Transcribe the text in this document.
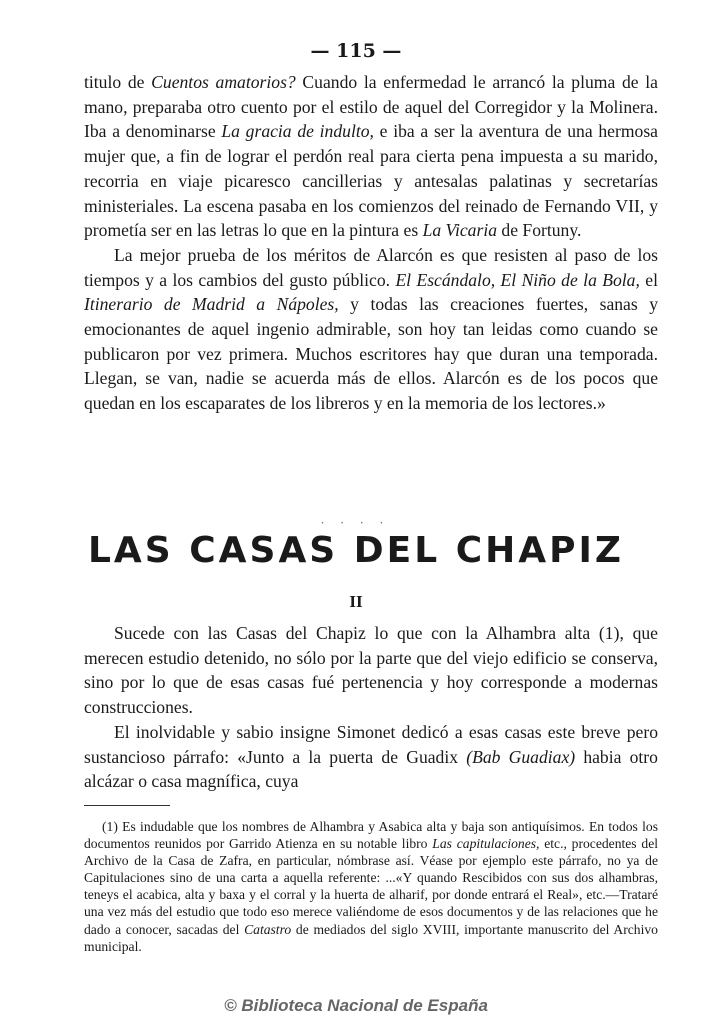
— 115 —

titulo de Cuentos amatorios? Cuando la enfermedad le arrancó la pluma de la mano, preparaba otro cuento por el estilo de aquel del Corregidor y la Molinera. Iba a denominarse La gracia de indulto, e iba a ser la aventura de una hermosa mujer que, a fin de lograr el perdón real para cierta pena impuesta a su marido, recorria en viaje picaresco cancillerias y antesalas palatinas y secretarías ministeriales. La escena pasaba en los comienzos del reinado de Fernando VII, y prometía ser en las letras lo que en la pintura es La Vicaria de Fortuny.

La mejor prueba de los méritos de Alarcón es que resisten al paso de los tiempos y a los cambios del gusto público. El Escándalo, El Niño de la Bola, el Itinerario de Madrid a Nápoles, y todas las creaciones fuertes, sanas y emocionantes de aquel ingenio admirable, son hoy tan leidas como cuando se publicaron por vez primera. Muchos escritores hay que duran una temporada. Llegan, se van, nadie se acuerda más de ellos. Alarcón es de los pocos que quedan en los escaparates de los libreros y en la memoria de los lectores.»

· · · ·
LAS CASAS DEL CHAPIZ
II

Sucede con las Casas del Chapiz lo que con la Alhambra alta (1), que merecen estudio detenido, no sólo por la parte que del viejo edificio se conserva, sino por lo que de esas casas fué pertenencia y hoy corresponde a modernas construcciones.

El inolvidable y sabio insigne Simonet dedicó a esas casas este breve pero sustancioso párrafo: «Junto a la puerta de Guadix (Bab Guadiax) habia otro alcázar o casa magnífica, cuya

(1) Es indudable que los nombres de Alhambra y Asabica alta y baja son antiquísimos. En todos los documentos reunidos por Garrido Atienza en su notable libro Las capitulaciones, etc., procedentes del Archivo de la Casa de Zafra, en particular, nómbrase así. Véase por ejemplo este párrafo, no ya de Capitulaciones sino de una carta a aquella referente: ...«Y quando Rescibidos con sus dos alhambras, teneys el acabica, alta y baxa y el corral y la huerta de alharif, por donde entrará el Real», etc.—Trataré una vez más del estudio que todo eso merece valiéndome de esos documentos y de las relaciones que he dado a conocer, sacadas del Catastro de mediados del siglo XVIII, importante manuscrito del Archivo municipal.

© Biblioteca Nacional de España
